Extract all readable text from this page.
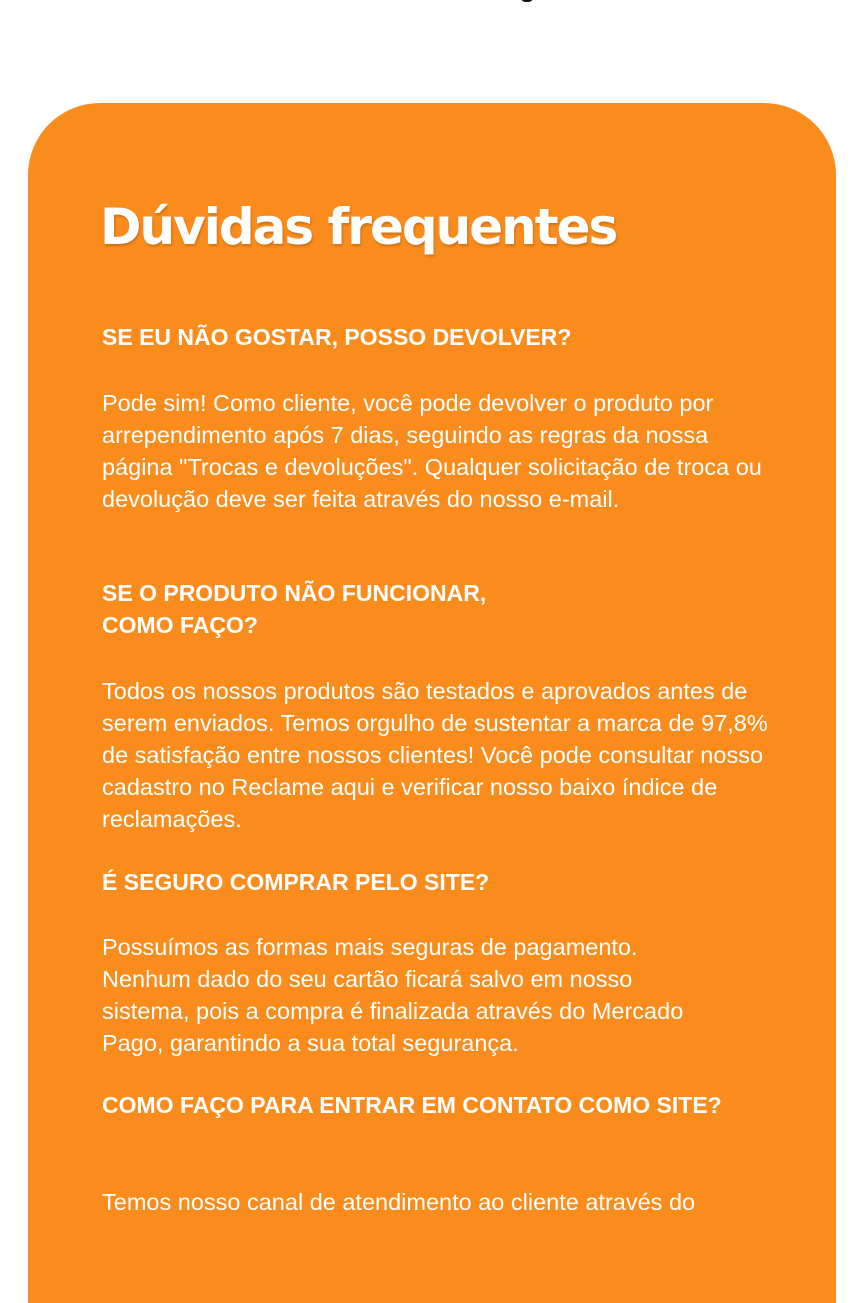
Dúvidas frequentes
SE EU NÃO GOSTAR, POSSO DEVOLVER?

Pode sim! Como cliente, você pode devolver o produto por arrependimento após 7 dias, seguindo as regras da nossa página "Trocas e devoluções". Qualquer solicitação de troca ou devolução deve ser feita através do nosso e-mail.

SE O PRODUTO NÃO FUNCIONAR, COMO FAÇO?

Todos os nossos produtos são testados e aprovados antes de serem enviados. Temos orgulho de sustentar a marca de 97,8% de satisfação entre nossos clientes! Você pode consultar nosso cadastro no Reclame aqui e verificar nosso baixo índice de reclamações.

É SEGURO COMPRAR PELO SITE?

Possuímos as formas mais seguras de pagamento. Nenhum dado do seu cartão ficará salvo em nosso sistema, pois a compra é finalizada através do Mercado Pago, garantindo a sua total segurança.

COMO FAÇO PARA ENTRAR EM CONTATO COMO SITE?

Temos nosso canal de atendimento ao cliente através do
